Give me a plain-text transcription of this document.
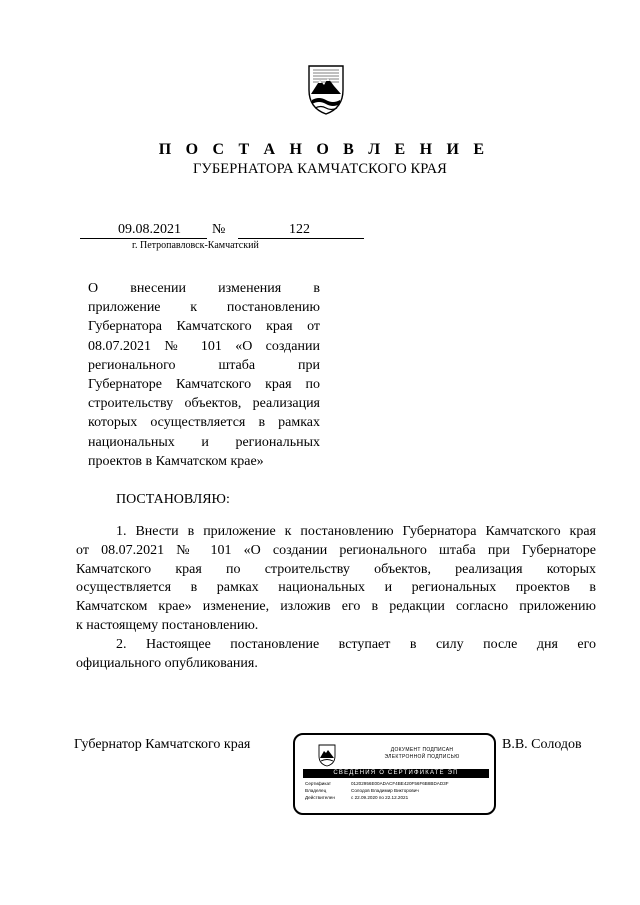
П О С Т А Н О В Л Е Н И Е
ГУБЕРНАТОРА КАМЧАТСКОГО КРАЯ
09.08.2021 №	122
г. Петропавловск-Камчатский
О внесении изменения в
приложение к постановлению
Губернатора Камчатского края от
08.07.2021 № 101 «О создании
регионального штаба при
Губернаторе Камчатского края по
строительству объектов, реализация
которых осуществляется в рамках
национальных и региональных
проектов в Камчатском крае»
ПОСТАНОВЛЯЮ:
1. Внести в приложение к постановлению Губернатора Камчатского края
от 08.07.2021 № 101 «О создании регионального штаба при Губернаторе
Камчатского края по строительству объектов, реализация которых
осуществляется в рамках национальных и региональных проектов в
Камчатском крае» изменение, изложив его в редакции согласно приложению
к настоящему постановлению.
2. Настоящее постановление вступает в силу после дня его
официального опубликования.
Губернатор Камчатского края	В.В. Солодов
ДОКУМЕНТ ПОДПИСАН
ЭЛЕКТРОННОЙ ПОДПИСЬЮ
СВЕДЕНИЯ О СЕРТИФИКАТЕ ЭП
Сертификат	01202956E00ADACF4BE420F56F6B8BDAD3F
Владелец	Солодов Владимир Викторович
Действителен	с 22.09.2020 по 22.12.2021
